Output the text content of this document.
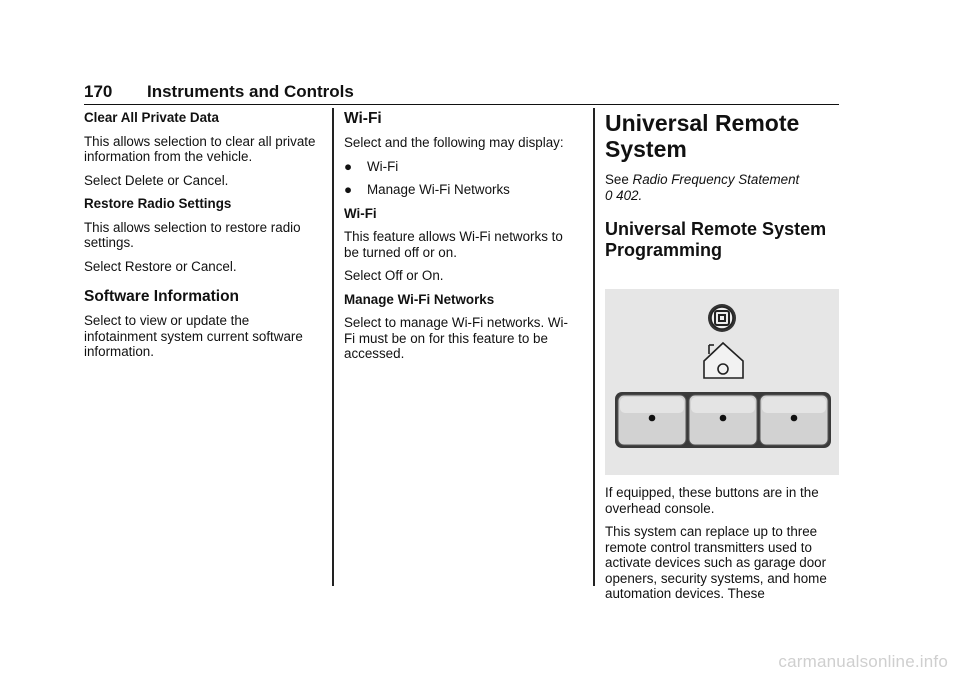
170 Instruments and Controls

Clear All Private Data

This allows selection to clear all private information from the vehicle.

Select Delete or Cancel.

Restore Radio Settings

This allows selection to restore radio settings.

Select Restore or Cancel.

Software Information

Select to view or update the infotainment system current software information.

Wi-Fi

Select and the following may display:

●	Wi-Fi
●	Manage Wi-Fi Networks

Wi-Fi

This feature allows Wi-Fi networks to be turned off or on.

Select Off or On.

Manage Wi-Fi Networks

Select to manage Wi-Fi networks. Wi-Fi must be on for this feature to be accessed.

Universal Remote System

See Radio Frequency Statement
0 402.

Universal Remote System Programming

If equipped, these buttons are in the overhead console.

This system can replace up to three remote control transmitters used to activate devices such as garage door openers, security systems, and home automation devices. These

carmanualsonline.info
